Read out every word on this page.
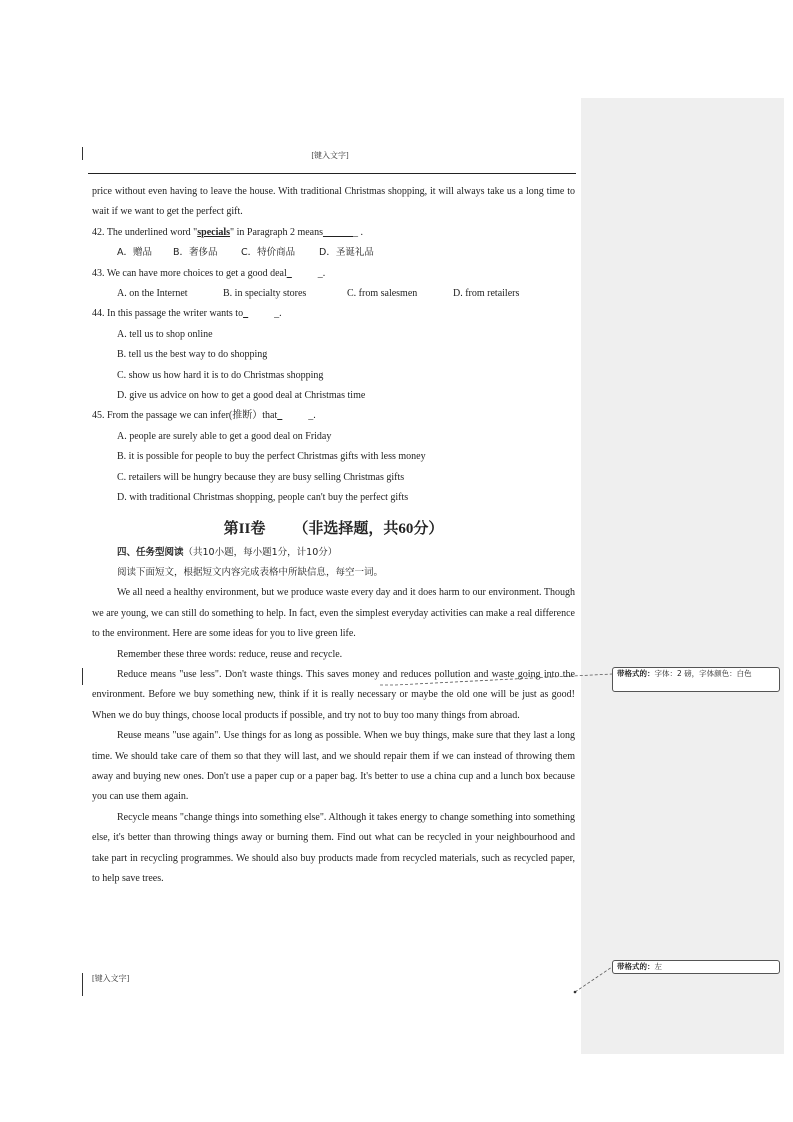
[键入文字]

price without even having to leave the house. With traditional Christmas shopping, it will always take us a long time to wait if we want to get the perfect gift.

42. The underlined word "specials" in Paragraph 2 means_______ .
A．赠品 B．奢侈品 C．特价商品	D．圣诞礼品
43. We can have more choices to get a good deal_	_.
A. on the Internet	B. in specialty stores	C. from salesmen	D. from retailers
44. In this passage the writer wants to_	_.
A. tell us to shop online
B. tell us the best way to do shopping
C. show us how hard it is to do Christmas shopping
D. give us advice on how to get a good deal at Christmas time
45. From the passage we can infer(推断）that_	_.
A. people are surely able to get a good deal on Friday
B. it is possible for people to buy the perfect Christmas gifts with less money
C. retailers will be hungry because they are busy selling Christmas gifts
D. with traditional Christmas shopping, people can't buy the perfect gifts
第II卷 （非选择题，共60分）
四、任务型阅读（共10小题，每小题1分，计10分）
阅读下面短文，根据短文内容完成表格中所缺信息，每空一词。

We all need a healthy environment, but we produce waste every day and it does harm to our environment. Though we are young, we can still do something to help. In fact, even the simplest everyday activities can make a real difference to the environment. Here are some ideas for you to live green life.

Remember these three words: reduce, reuse and recycle.

Reduce means "use less". Don't waste things. This saves money and reduces pollution and waste going into the environment. Before we buy something new, think if it is really necessary or maybe the old one will be just as good! When we do buy things, choose local products if possible, and try not to buy too many things from abroad.

Reuse means "use again". Use things for as long as possible. When we buy things, make sure that they last a long time. We should take care of them so that they will last, and we should repair them if we can instead of throwing them away and buying new ones. Don't use a paper cup or a paper bag. It's better to use a china cup and a lunch box because you can use them again.

Recycle means "change things into something else". Although it takes energy to change something into something else, it's better than throwing things away or burning them. Find out what can be recycled in your neighbourhood and take part in recycling programmes. We should also buy products made from recycled materials, such as recycled paper, to help save trees.

[键入文字]
带格式的：字体：2 磅，字体颜色：白色
带格式的：左
